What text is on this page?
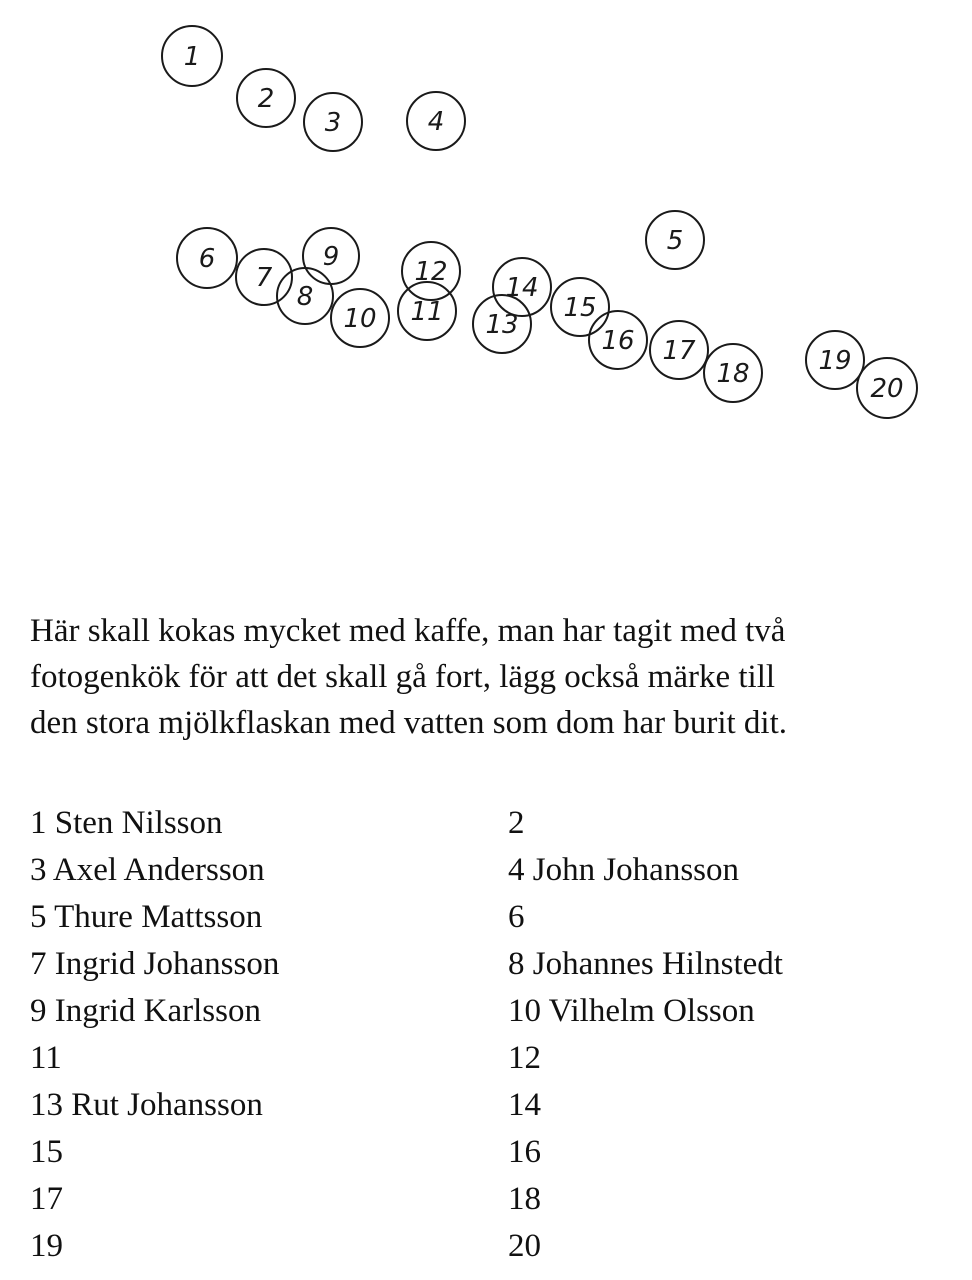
1
2
3	4
5
6
7
8
9
10 11
12
13
14
15
16 17
18	19
20

Här skall kokas mycket med kaffe, man har tagit med två
fotogenkök för att det skall gå fort, lägg också märke till
den stora mjölkflaskan med vatten som dom har burit dit.

1 Sten Nilsson	2
3 Axel Andersson	4 John Johansson
5 Thure Mattsson	6
7 Ingrid Johansson	8 Johannes Hilnstedt
9 Ingrid Karlsson	10 Vilhelm Olsson
11	12
13 Rut Johansson	14
15	16
17	18
19	20
